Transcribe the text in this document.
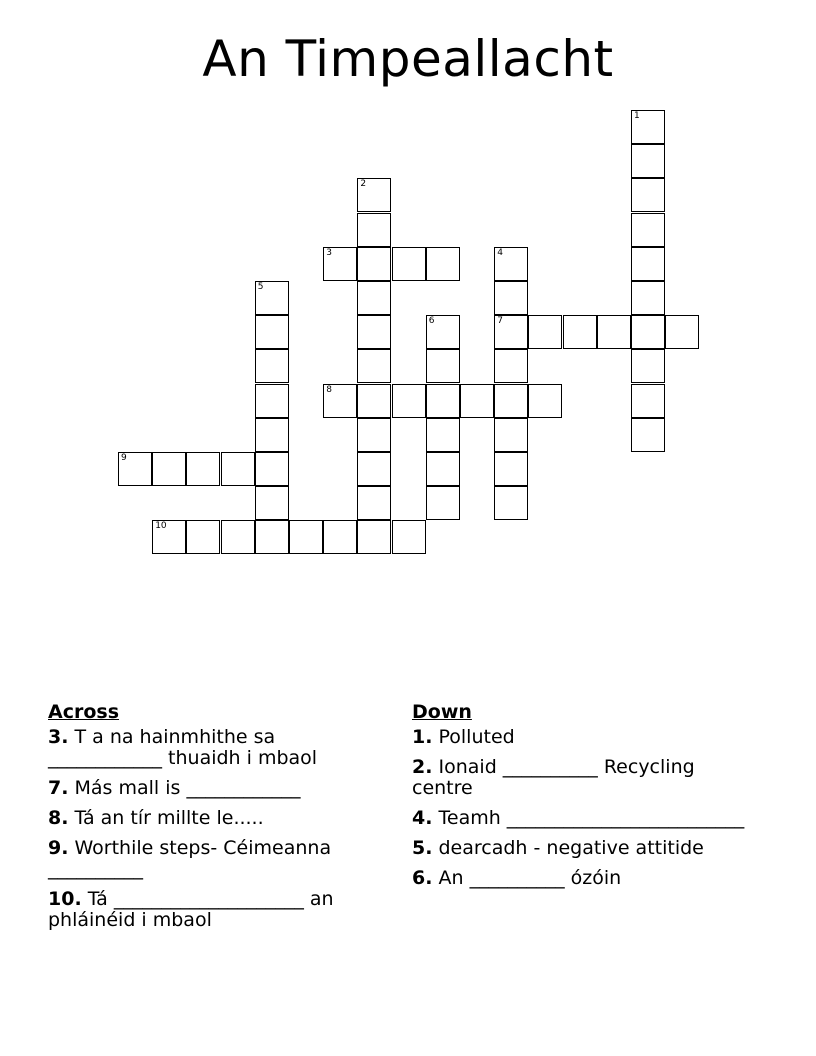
An Timpeallacht
1
2
3	4
7
5
6
8
9
10
Across
3. T a na hainmhithe sa ____________ thuaidh i mbaol
7. Más mall is ____________
8. Tá an tír millte le.....
9. Worthile steps- Céimeanna __________
10. Tá ____________________ an phláinéid i mbaol
Down
1. Polluted
2. Ionaid __________ Recycling centre
4. Teamh _________________________
5. dearcadh - negative attitide
6. An __________ ózóin
